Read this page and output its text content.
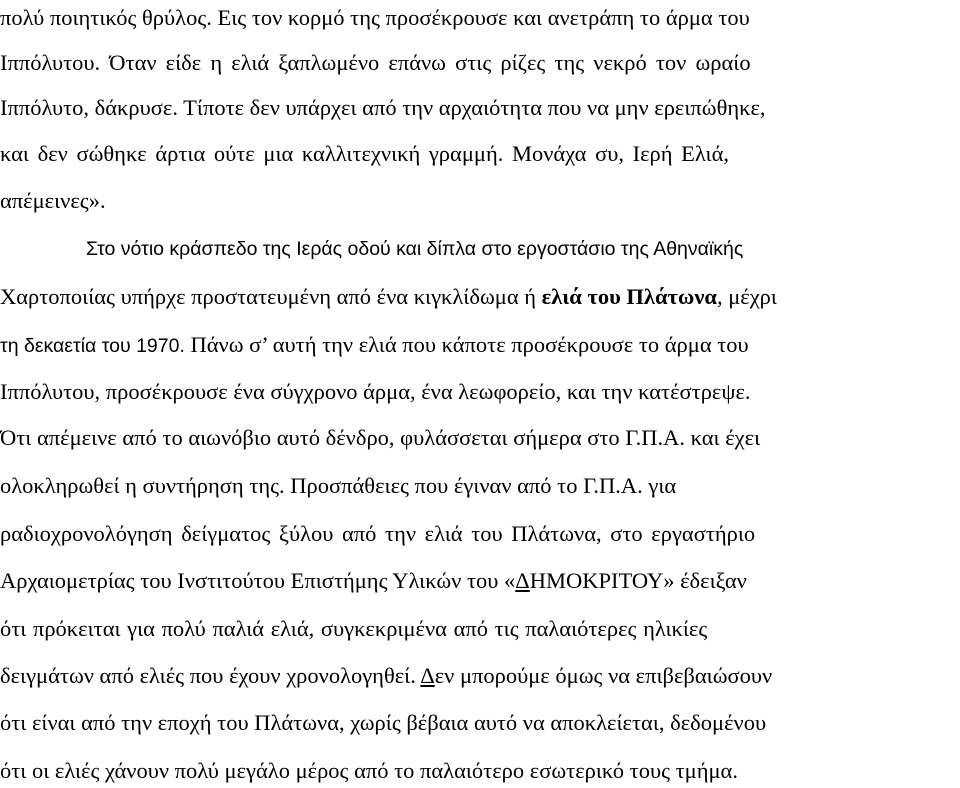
πολύ ποιητικός θρύλος. Εις τον κορμό της προσέκρουσε και ανετράπη το άρμα του
Ιππόλυτου. Όταν είδε η ελιά ξαπλωμένο επάνω στις ρίζες της νεκρό τον ωραίο
Ιππόλυτο, δάκρυσε. Τίποτε δεν υπάρχει από την αρχαιότητα που να μην ερειπώθηκε,
και δεν σώθηκε άρτια ούτε μια καλλιτεχνική γραμμή. Μονάχα συ, Ιερή Ελιά,
απέμεινες».
Στο νότιο κράσπεδο της Ιεράς οδού και δίπλα στο εργοστάσιο της Αθηναϊκής
Χαρτοποιίας υπήρχε προστατευμένη από ένα κιγκλίδωμα ή ελιά του Πλάτωνα, μέχρι
τη δεκαετία του 1970. Πάνω σ’ αυτή την ελιά που κάποτε προσέκρουσε το άρμα του
Ιππόλυτου, προσέκρουσε ένα σύγχρονο άρμα, ένα λεωφορείο, και την κατέστρεψε.
Ότι απέμεινε από το αιωνόβιο αυτό δένδρο, φυλάσσεται σήμερα στο Γ.Π.Α. και έχει
ολοκληρωθεί η συντήρηση της. Προσπάθειες που έγιναν από το Γ.Π.Α. για
ραδιοχρονολόγηση δείγματος ξύλου από την ελιά του Πλάτωνα, στο εργαστήριο
Αρχαιομετρίας του Ινστιτούτου Επιστήμης Υλικών του «ΔΗΜΟΚΡΙΤΟΥ» έδειξαν
ότι πρόκειται για πολύ παλιά ελιά, συγκεκριμένα από τις παλαιότερες ηλικίες
δειγμάτων από ελιές που έχουν χρονολογηθεί. Δεν μπορούμε όμως να επιβεβαιώσουν
ότι είναι από την εποχή του Πλάτωνα, χωρίς βέβαια αυτό να αποκλείεται, δεδομένου
ότι οι ελιές χάνουν πολύ μεγάλο μέρος από το παλαιότερο εσωτερικό τους τμήμα.
